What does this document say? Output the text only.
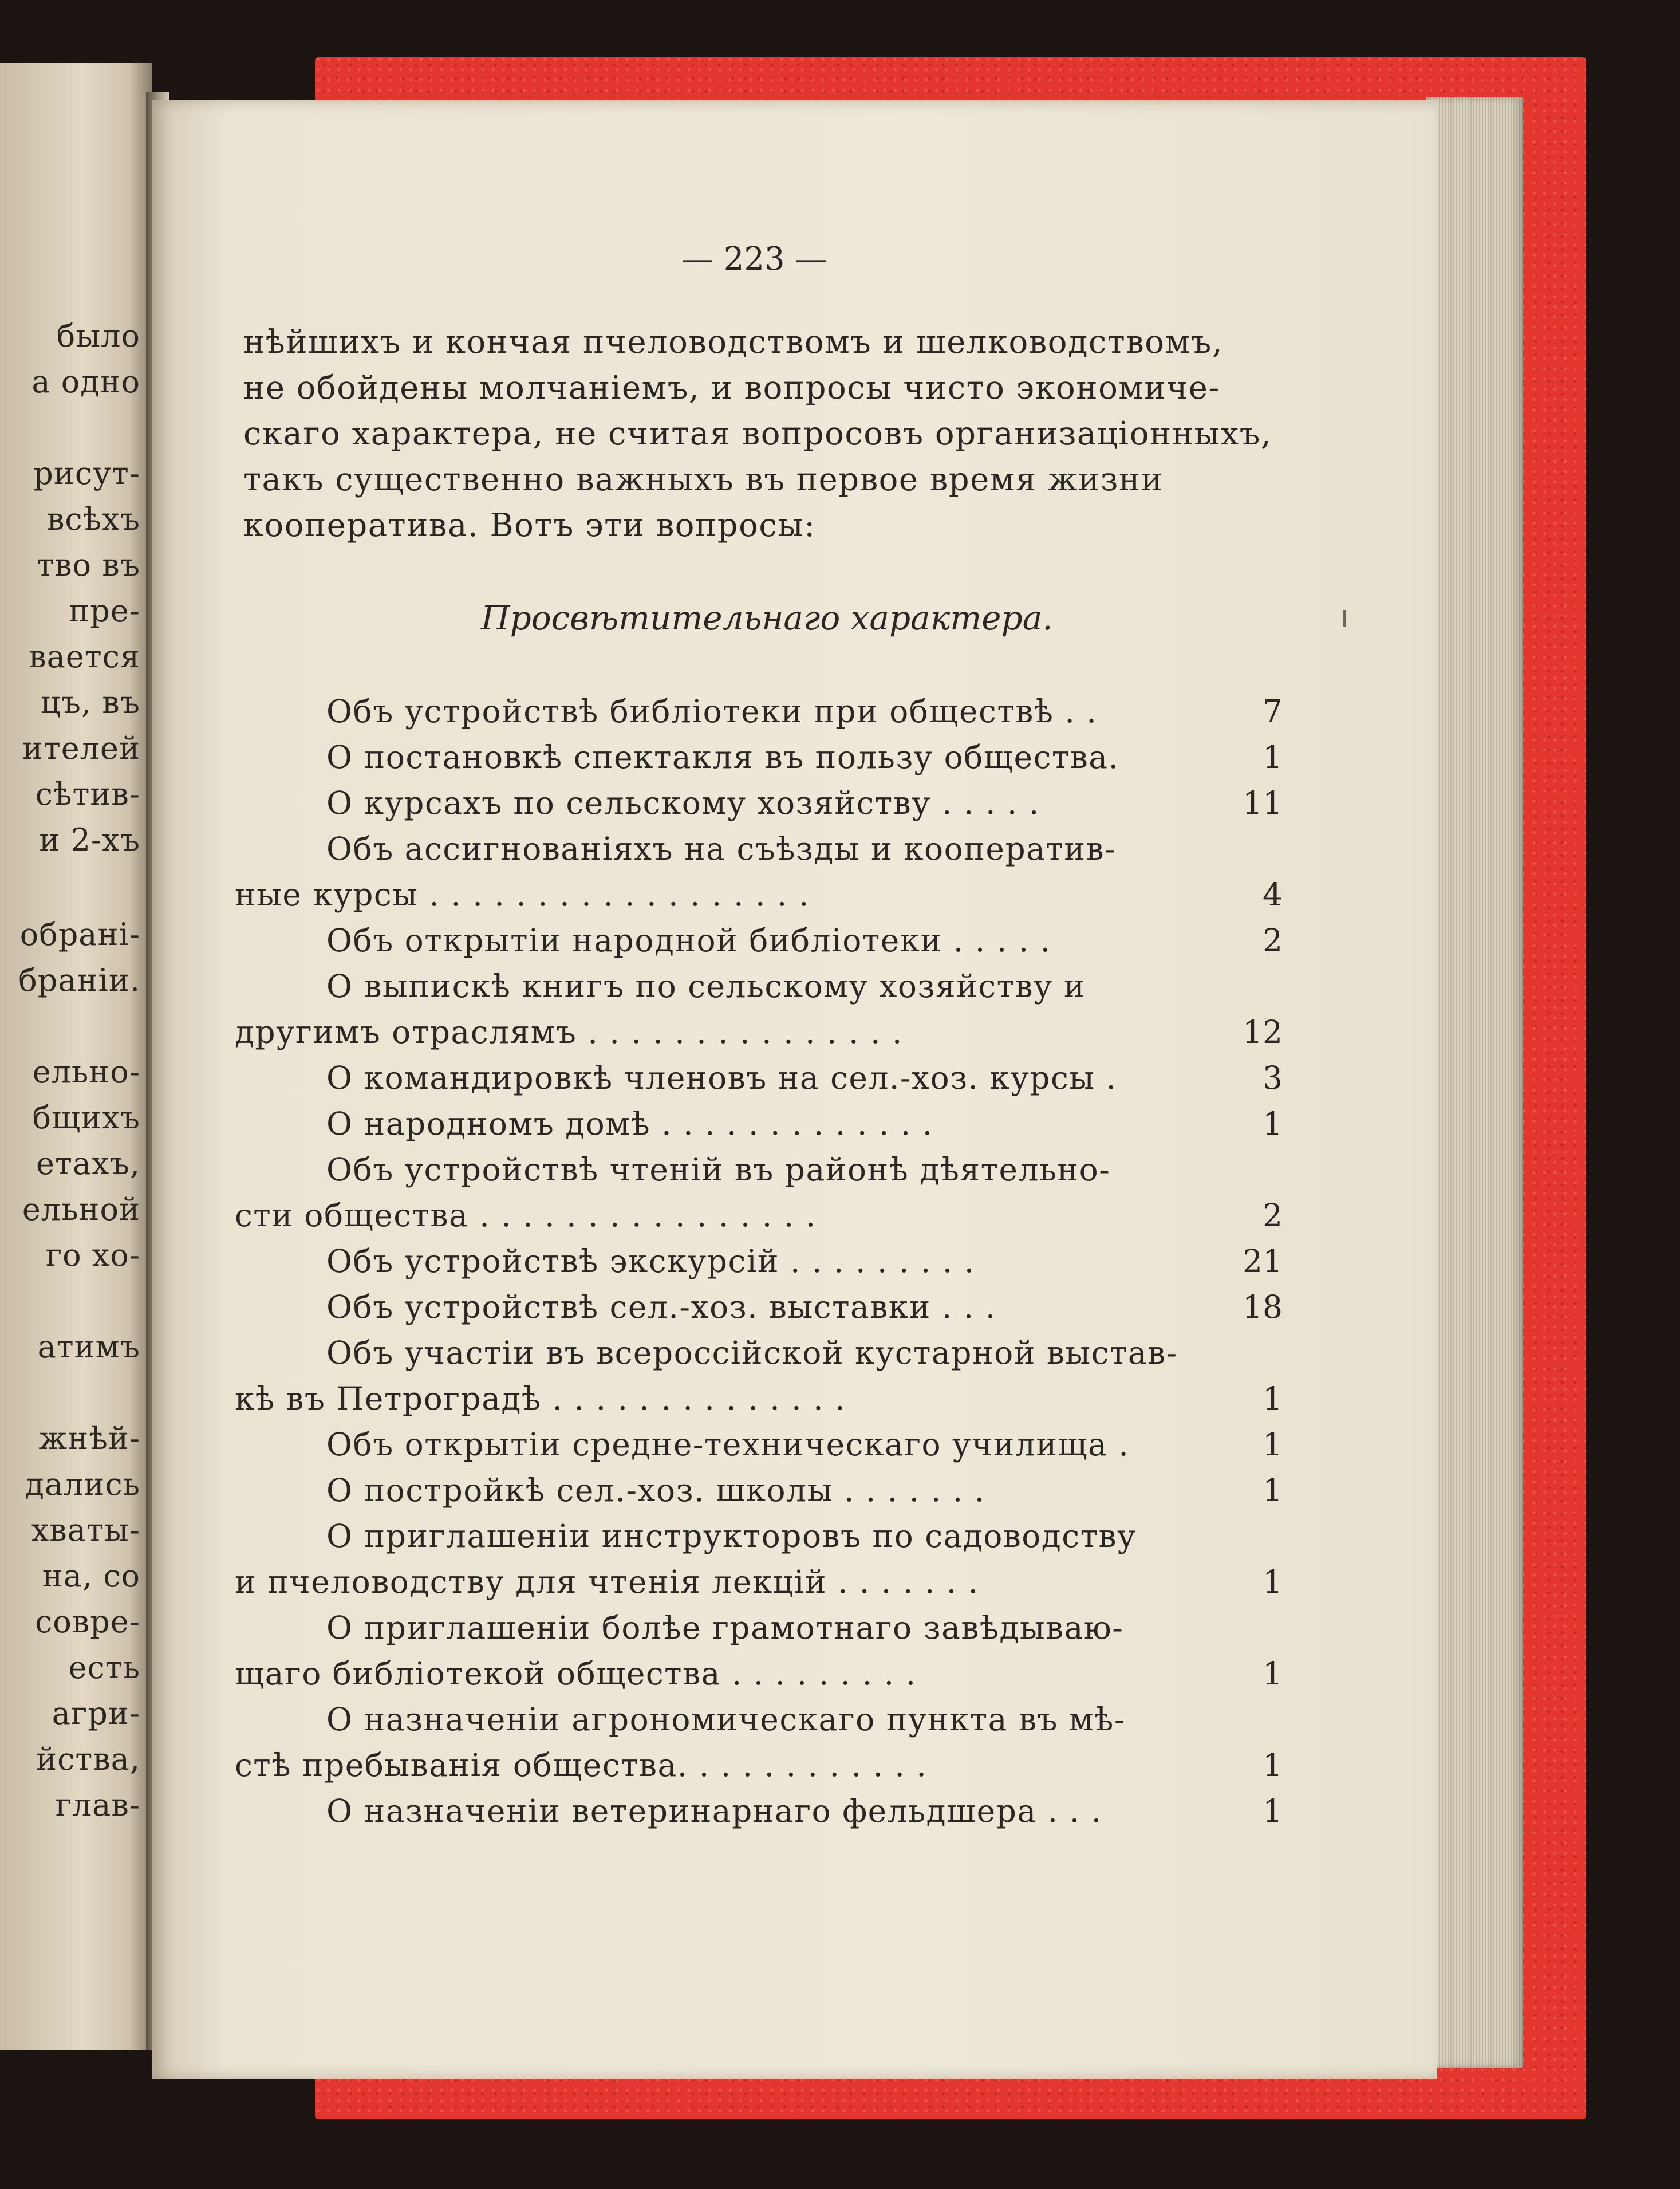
было
а одно
рисут-
всѣхъ
тво въ
пре-
вается
цъ, въ
ителей
сѣтив-
и 2-хъ
обрані-
браніи.
ельно-
бщихъ
етахъ,
ельной
го хо-
атимъ
жнѣй-
дались
хваты-
на, со
совре-
есть
агри-
йства,
глав-
— 223 —
нѣйшихъ и кончая пчеловодствомъ и шелководствомъ,
не обойдены молчаніемъ, и вопросы чисто экономиче-
скаго характера, не считая вопросовъ организаціонныхъ,
такъ существенно важныхъ въ первое время жизни
кооператива. Вотъ эти вопросы:
Просвѣтительнаго характера.
Объ устройствѣ библіотеки при обществѣ . .	7
О постановкѣ спектакля въ пользу общества.	1
О курсахъ по сельскому хозяйству . . . . .	11
Объ ассигнованіяхъ на съѣзды и кооператив-
ные курсы . . . . . . . . . . . . . . . . . .	4
Объ открытіи народной библіотеки . . . . .	2
О выпискѣ книгъ по сельскому хозяйству и
другимъ отраслямъ . . . . . . . . . . . . . . .	12
О командировкѣ членовъ на сел.-хоз. курсы .	3
О народномъ домѣ . . . . . . . . . . . . .	1
Объ устройствѣ чтеній въ районѣ дѣятельно-
сти общества . . . . . . . . . . . . . . . .	2
Объ устройствѣ экскурсій . . . . . . . . .	21
Объ устройствѣ сел.-хоз. выставки . . .	18
Объ участіи въ всероссійской кустарной выстав-
кѣ въ Петроградѣ . . . . . . . . . . . . . .	1
Объ открытіи средне-техническаго училища .	1
О постройкѣ сел.-хоз. школы . . . . . . .	1
О приглашеніи инструкторовъ по садоводству
и пчеловодству для чтенія лекцій . . . . . . .	1
О приглашеніи болѣе грамотнаго завѣдываю-
щаго библіотекой общества . . . . . . . . .	1
О назначеніи агрономическаго пункта въ мѣ-
стѣ пребыванія общества. . . . . . . . . . . .	1
О назначеніи ветеринарнаго фельдшера . . .	1
